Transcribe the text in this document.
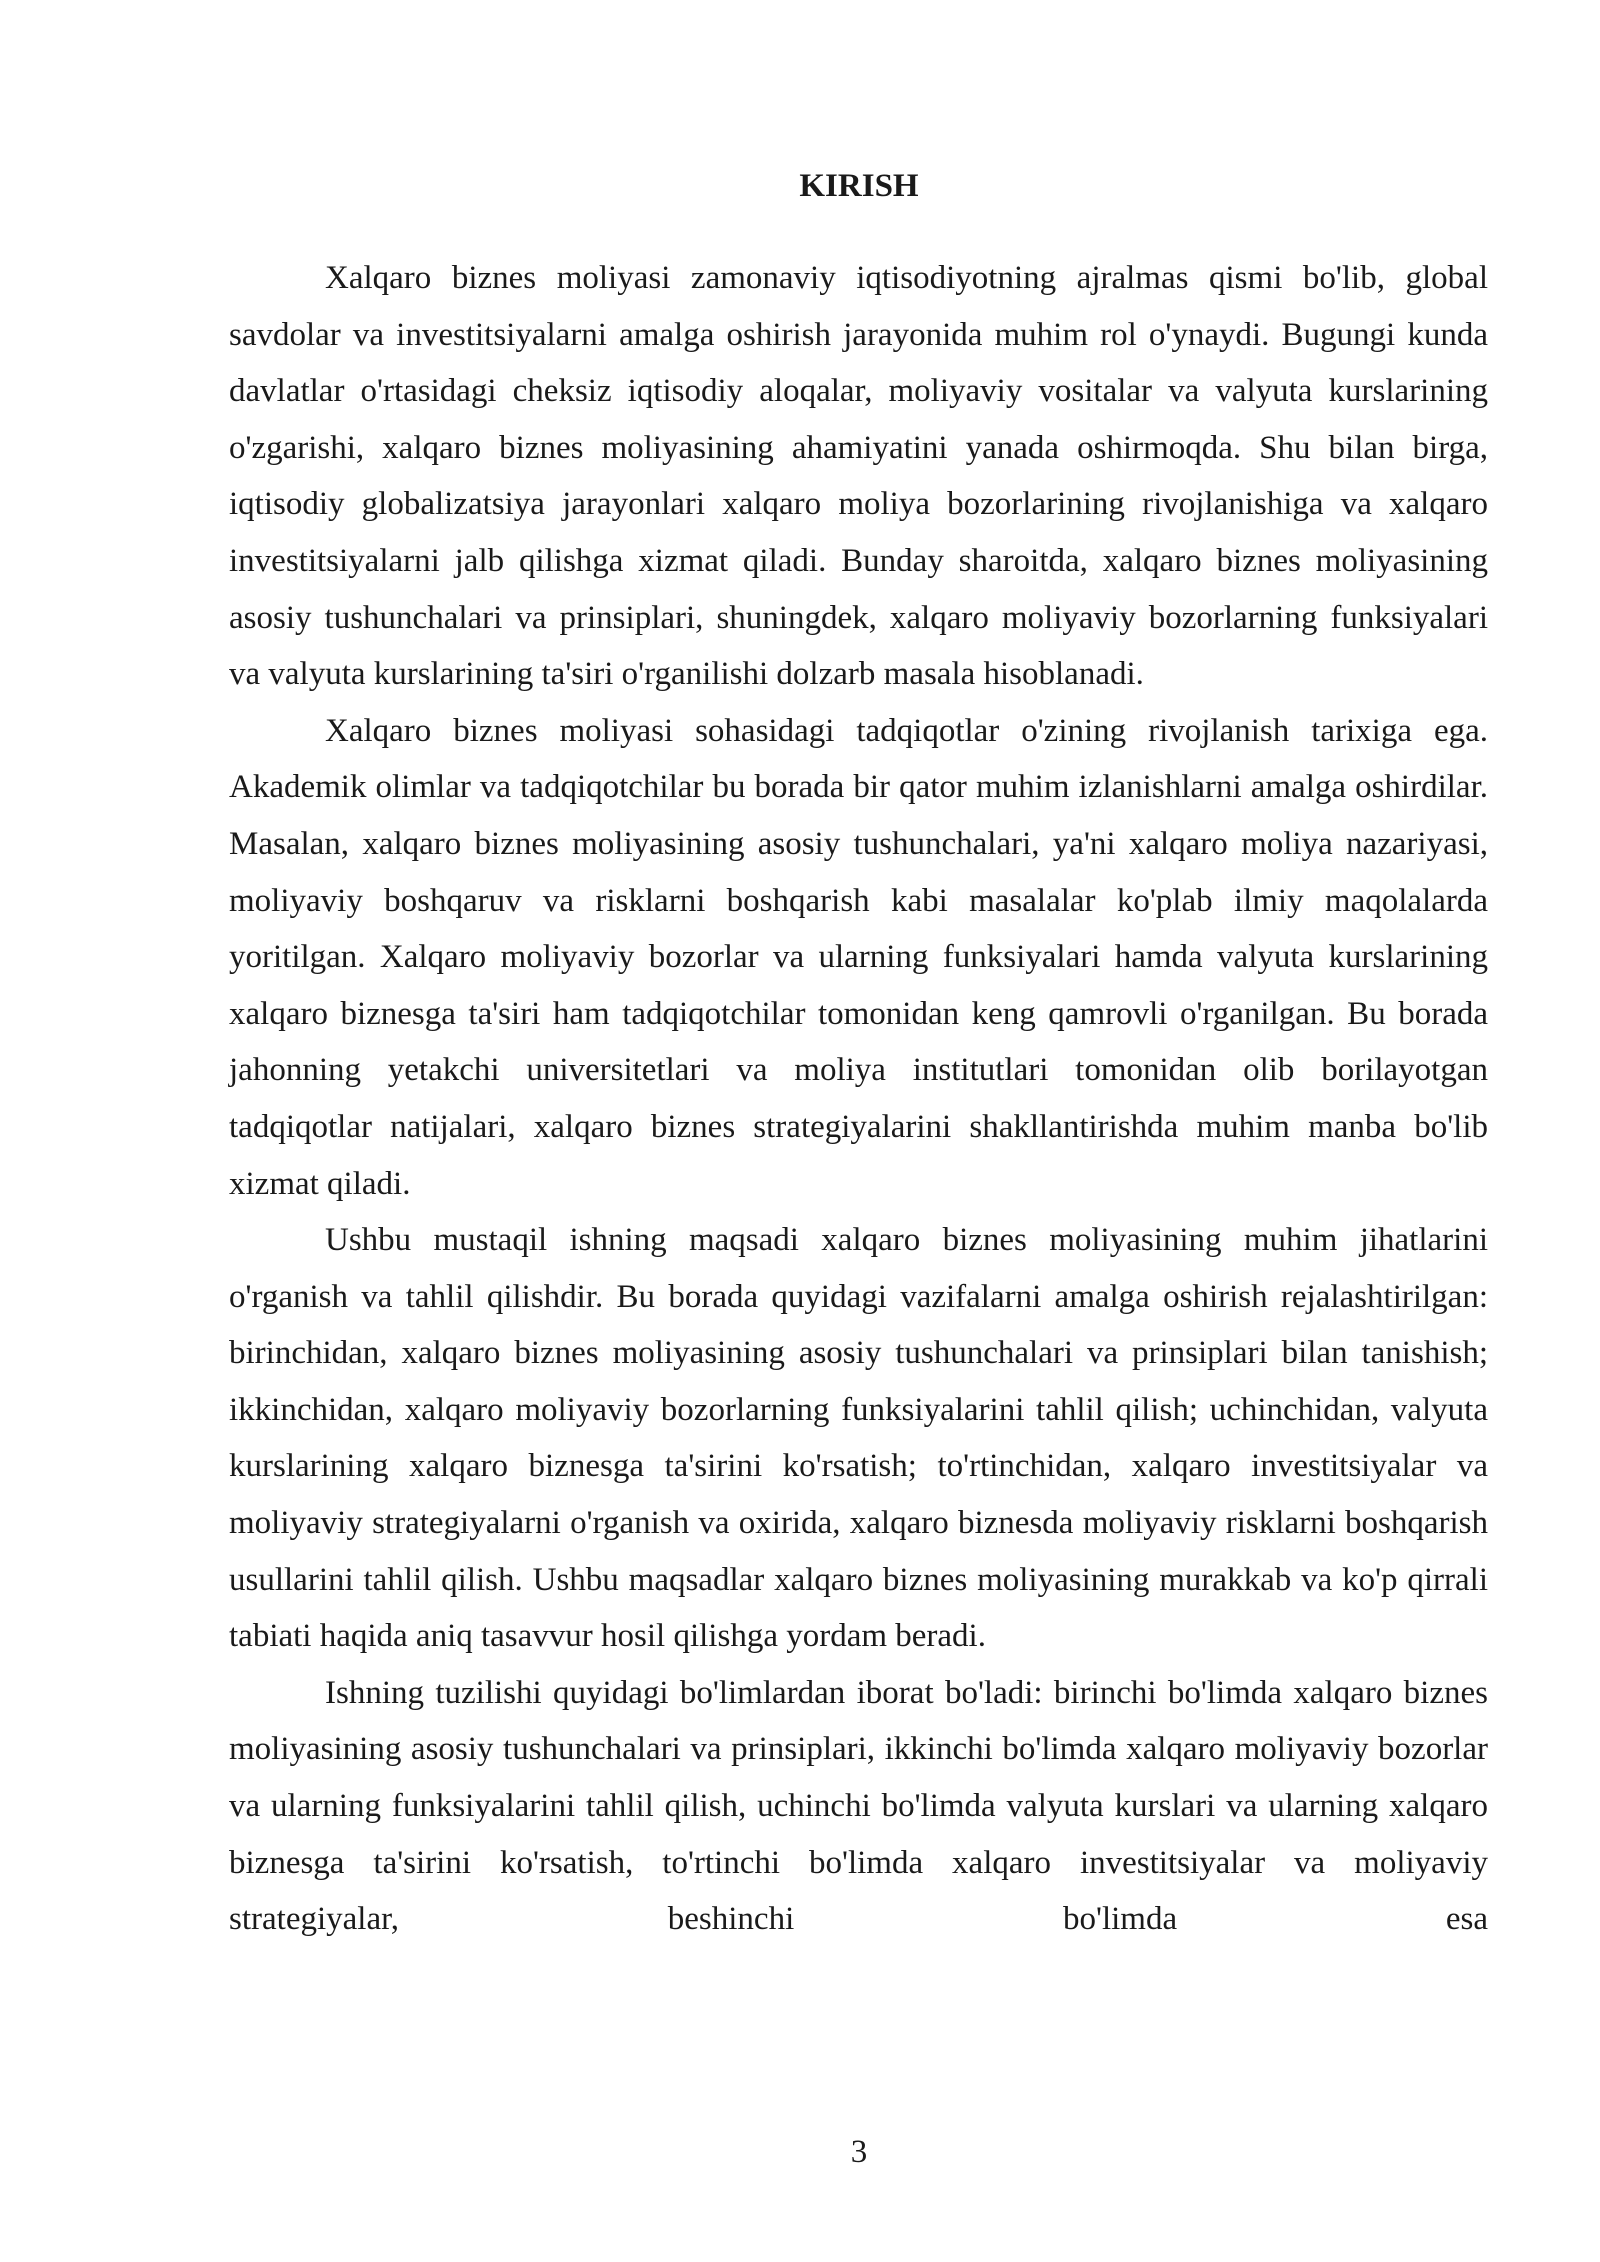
KIRISH

Xalqaro biznes moliyasi zamonaviy iqtisodiyotning ajralmas qismi bo'lib, global savdolar va investitsiyalarni amalga oshirish jarayonida muhim rol o'ynaydi. Bugungi kunda davlatlar o'rtasidagi cheksiz iqtisodiy aloqalar, moliyaviy vositalar va valyuta kurslarining o'zgarishi, xalqaro biznes moliyasining ahamiyatini yanada oshirmoqda. Shu bilan birga, iqtisodiy globalizatsiya jarayonlari xalqaro moliya bozorlarining rivojlanishiga va xalqaro investitsiyalarni jalb qilishga xizmat qiladi. Bunday sharoitda, xalqaro biznes moliyasining asosiy tushunchalari va prinsiplari, shuningdek, xalqaro moliyaviy bozorlarning funksiyalari va valyuta kurslarining ta'siri o'rganilishi dolzarb masala hisoblanadi.

Xalqaro biznes moliyasi sohasidagi tadqiqotlar o'zining rivojlanish tarixiga ega. Akademik olimlar va tadqiqotchilar bu borada bir qator muhim izlanishlarni amalga oshirdilar. Masalan, xalqaro biznes moliyasining asosiy tushunchalari, ya'ni xalqaro moliya nazariyasi, moliyaviy boshqaruv va risklarni boshqarish kabi masalalar ko'plab ilmiy maqolalarda yoritilgan. Xalqaro moliyaviy bozorlar va ularning funksiyalari hamda valyuta kurslarining xalqaro biznesga ta'siri ham tadqiqotchilar tomonidan keng qamrovli o'rganilgan. Bu borada jahonning yetakchi universitetlari va moliya institutlari tomonidan olib borilayotgan tadqiqotlar natijalari, xalqaro biznes strategiyalarini shakllantirishda muhim manba bo'lib xizmat qiladi.

Ushbu mustaqil ishning maqsadi xalqaro biznes moliyasining muhim jihatlarini o'rganish va tahlil qilishdir. Bu borada quyidagi vazifalarni amalga oshirish rejalashtirilgan: birinchidan, xalqaro biznes moliyasining asosiy tushunchalari va prinsiplari bilan tanishish; ikkinchidan, xalqaro moliyaviy bozorlarning funksiyalarini tahlil qilish; uchinchidan, valyuta kurslarining xalqaro biznesga ta'sirini ko'rsatish; to'rtinchidan, xalqaro investitsiyalar va moliyaviy strategiyalarni o'rganish va oxirida, xalqaro biznesda moliyaviy risklarni boshqarish usullarini tahlil qilish. Ushbu maqsadlar xalqaro biznes moliyasining murakkab va ko'p qirrali tabiati haqida aniq tasavvur hosil qilishga yordam beradi.

Ishning tuzilishi quyidagi bo'limlardan iborat bo'ladi: birinchi bo'limda xalqaro biznes moliyasining asosiy tushunchalari va prinsiplari, ikkinchi bo'limda xalqaro moliyaviy bozorlar va ularning funksiyalarini tahlil qilish, uchinchi bo'limda valyuta kurslari va ularning xalqaro biznesga ta'sirini ko'rsatish, to'rtinchi bo'limda xalqaro investitsiyalar va moliyaviy strategiyalar, beshinchi bo'limda esa

3
